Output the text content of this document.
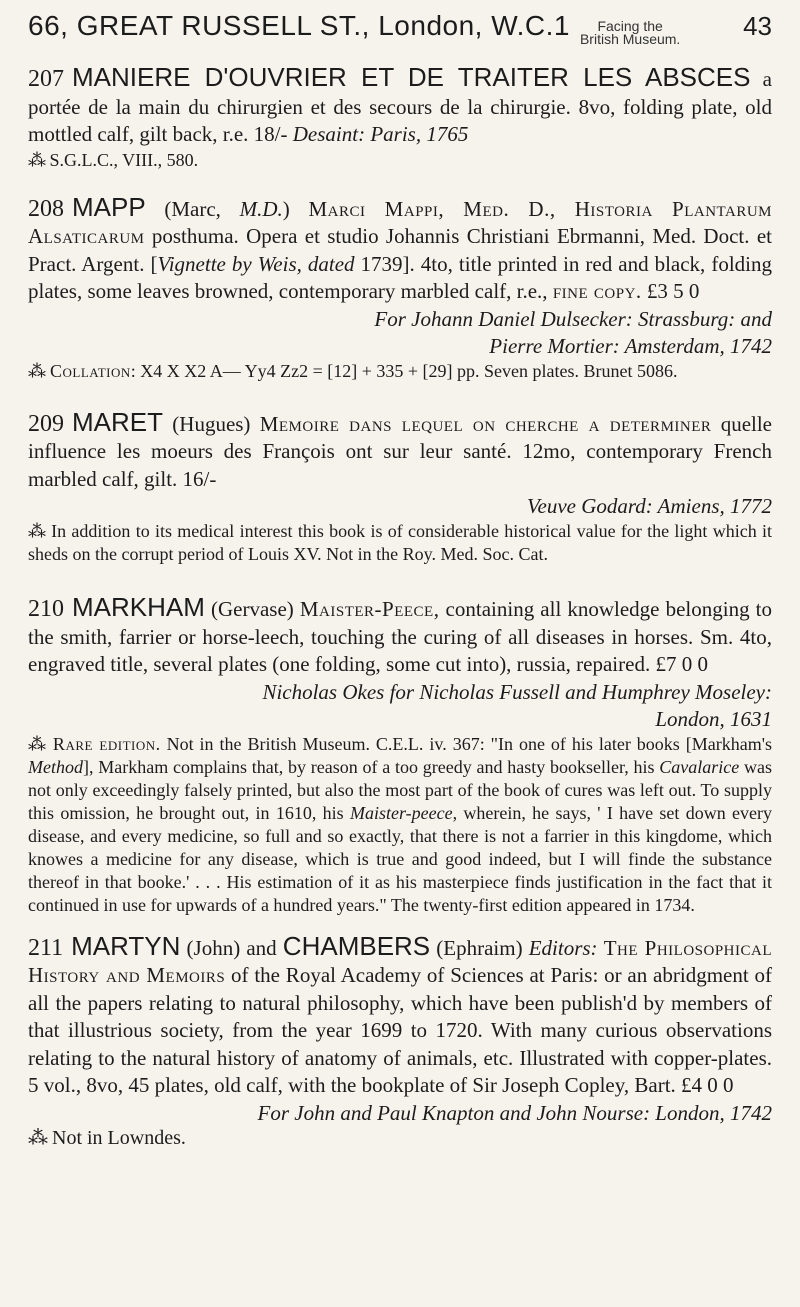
66, GREAT RUSSELL ST., London, W.C.1	Facing the
British Museum. 43
207 MANIERE D'OUVRIER ET DE TRAITER LES ABSCES a portée de la main du chirurgien et des secours de la chirurgie. 8vo, folding plate, old mottled calf, gilt back, r.e. 18/- Desaint: Paris, 1765
⁂ S.G.L.C., VIII., 580.
208 MAPP (Marc, M.D.) Marci Mappi, Med. D., Historia Plantarum Alsaticarum posthuma. Opera et studio Johannis Christiani Ebrmanni, Med. Doct. et Pract. Argent. [Vignette by Weis, dated 1739]. 4to, title printed in red and black, folding plates, some leaves browned, contemporary marbled calf, r.e., fine copy. £3 5 0
For Johann Daniel Dulsecker: Strassburg: and
Pierre Mortier: Amsterdam, 1742
⁂ Collation: X4 X X2 A— Yy4 Zz2 = [12] + 335 + [29] pp. Seven plates. Brunet 5086.
209 MARET (Hugues) Memoire dans lequel on cherche a determiner quelle influence les moeurs des François ont sur leur santé. 12mo, contemporary French marbled calf, gilt. 16/-
Veuve Godard: Amiens, 1772
⁂ In addition to its medical interest this book is of considerable historical value for the light which it sheds on the corrupt period of Louis XV. Not in the Roy. Med. Soc. Cat.
210 MARKHAM (Gervase) Maister-Peece, containing all knowledge belonging to the smith, farrier or horse-leech, touching the curing of all diseases in horses. Sm. 4to, engraved title, several plates (one folding, some cut into), russia, repaired. £7 0 0
Nicholas Okes for Nicholas Fussell and Humphrey Moseley:
London, 1631
⁂ Rare edition. Not in the British Museum. C.E.L. iv. 367: "In one of his later books [Markham's Method], Markham complains that, by reason of a too greedy and hasty bookseller, his Cavalarice was not only exceedingly falsely printed, but also the most part of the book of cures was left out. To supply this omission, he brought out, in 1610, his Maister-peece, wherein, he says, ' I have set down every disease, and every medicine, so full and so exactly, that there is not a farrier in this kingdome, which knowes a medicine for any disease, which is true and good indeed, but I will finde the substance thereof in that booke.' . . . His estimation of it as his masterpiece finds justification in the fact that it continued in use for upwards of a hundred years." The twenty-first edition appeared in 1734.
211 MARTYN (John) and CHAMBERS (Ephraim) Editors: The Philosophical History and Memoirs of the Royal Academy of Sciences at Paris: or an abridgment of all the papers relating to natural philosophy, which have been publish'd by members of that illustrious society, from the year 1699 to 1720. With many curious observations relating to the natural history of anatomy of animals, etc. Illustrated with copper-plates. 5 vol., 8vo, 45 plates, old calf, with the bookplate of Sir Joseph Copley, Bart. £4 0 0
For John and Paul Knapton and John Nourse: London, 1742
⁂ Not in Lowndes.
